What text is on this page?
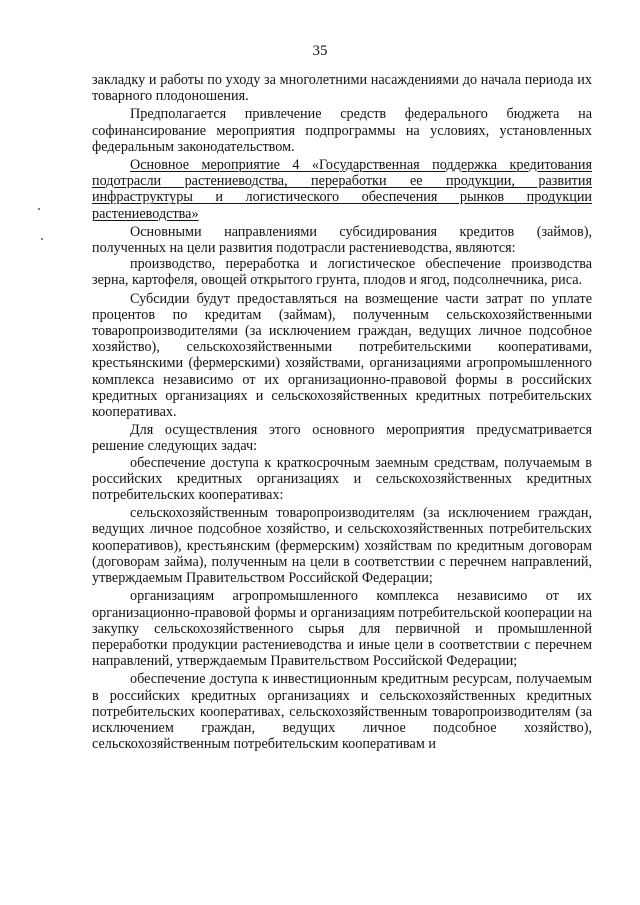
35

закладку и работы по уходу за многолетними насаждениями до начала периода их товарного плодоношения.

Предполагается привлечение средств федерального бюджета на софинансирование мероприятия подпрограммы на условиях, установленных федеральным законодательством.

Основное мероприятие 4 «Государственная поддержка кредитования подотрасли растениеводства, переработки ее продукции, развития инфраструктуры и логистического обеспечения рынков продукции растениеводства»

Основными направлениями субсидирования кредитов (займов), полученных на цели развития подотрасли растениеводства, являются:

производство, переработка и логистическое обеспечение производства зерна, картофеля, овощей открытого грунта, плодов и ягод, подсолнечника, риса.

Субсидии будут предоставляться на возмещение части затрат по уплате процентов по кредитам (займам), полученным сельскохозяйственными товаропроизводителями (за исключением граждан, ведущих личное подсобное хозяйство), сельскохозяйственными потребительскими кооперативами, крестьянскими (фермерскими) хозяйствами, организациями агропромышленного комплекса независимо от их организационно-правовой формы в российских кредитных организациях и сельскохозяйственных кредитных потребительских кооперативах.

Для осуществления этого основного мероприятия предусматривается решение следующих задач:

обеспечение доступа к краткосрочным заемным средствам, получаемым в российских кредитных организациях и сельскохозяйственных кредитных потребительских кооперативах:

сельскохозяйственным товаропроизводителям (за исключением граждан, ведущих личное подсобное хозяйство, и сельскохозяйственных потребительских кооперативов), крестьянским (фермерским) хозяйствам по кредитным договорам (договорам займа), полученным на цели в соответствии с перечнем направлений, утверждаемым Правительством Российской Федерации;

организациям агропромышленного комплекса независимо от их организационно-правовой формы и организациям потребительской кооперации на закупку сельскохозяйственного сырья для первичной и промышленной переработки продукции растениеводства и иные цели в соответствии с перечнем направлений, утверждаемым Правительством Российской Федерации;

обеспечение доступа к инвестиционным кредитным ресурсам, получаемым в российских кредитных организациях и сельскохозяйственных кредитных потребительских кооперативах, сельскохозяйственным товаропроизводителям (за исключением граждан, ведущих личное подсобное хозяйство), сельскохозяйственным потребительским кооперативам и
